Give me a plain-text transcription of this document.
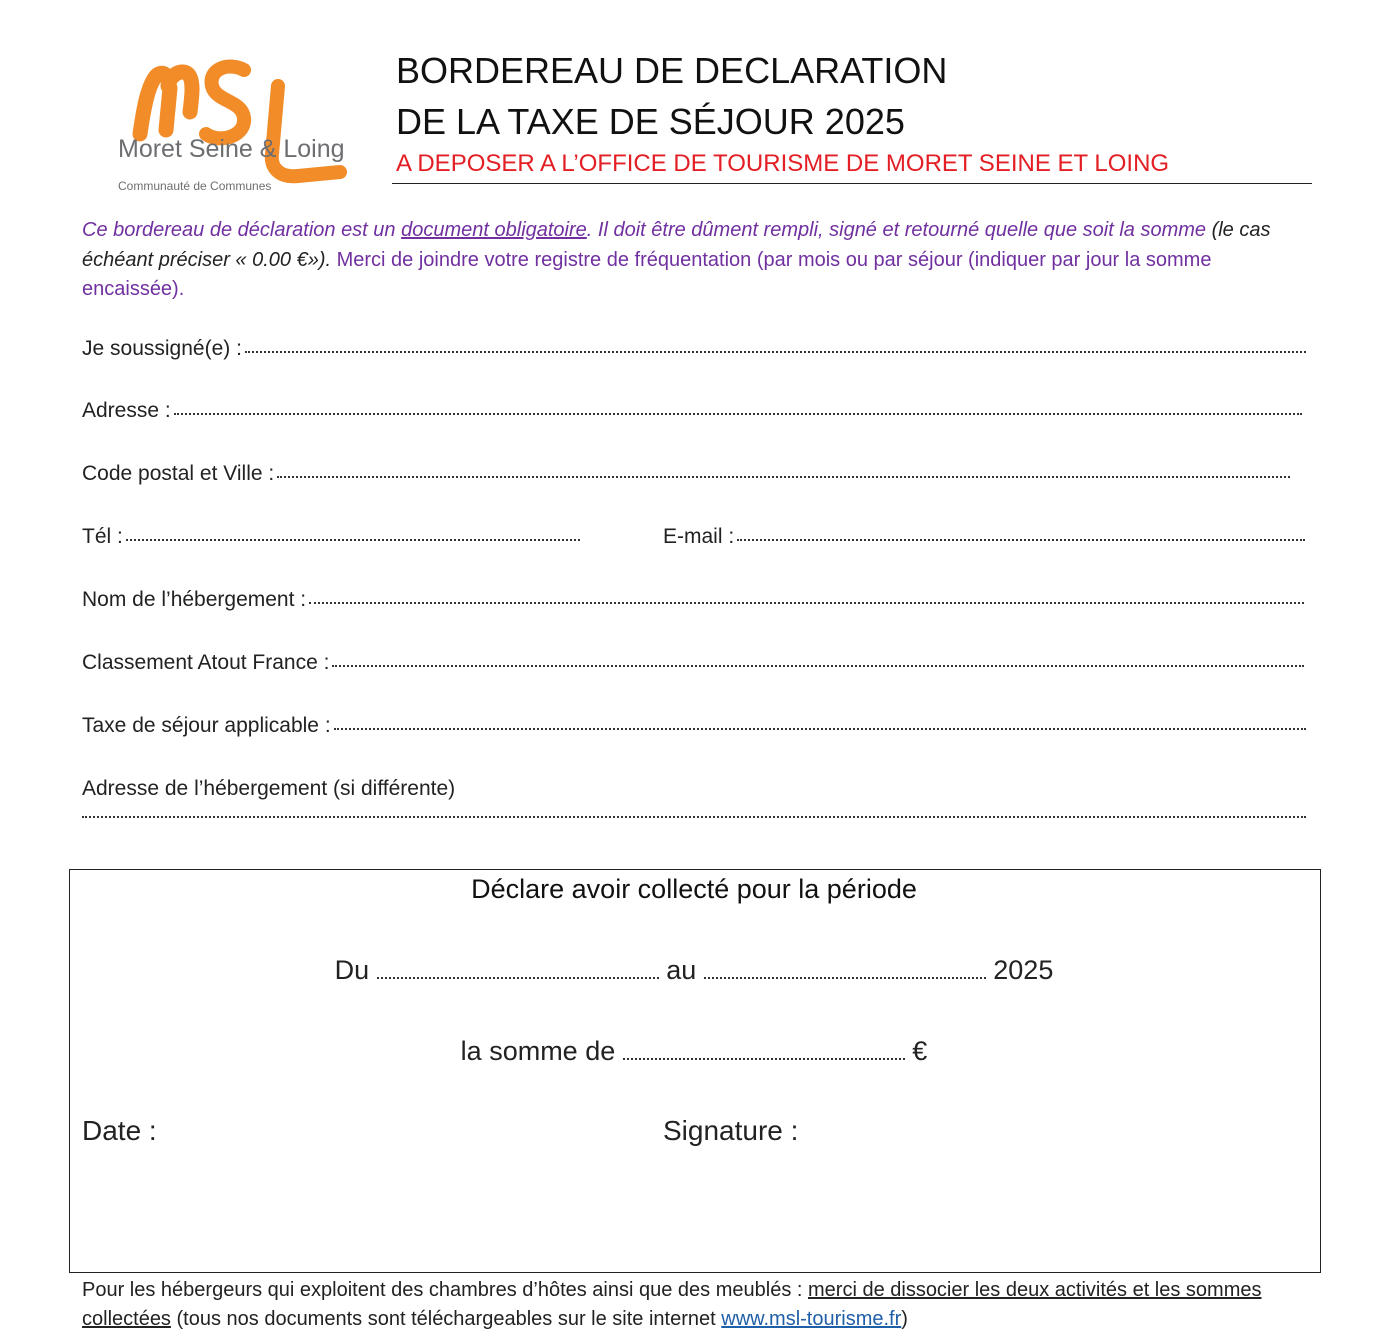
Moret Seine & Loing
Communauté de Communes
BORDEREAU DE DECLARATION
DE LA TAXE DE SÉJOUR 2025
A DEPOSER A L’OFFICE DE TOURISME DE MORET SEINE ET LOING

Ce bordereau de déclaration est un document obligatoire. Il doit être dûment rempli, signé et retourné quelle que soit la somme (le cas échéant préciser « 0.00 €»). Merci de joindre votre registre de fréquentation (par mois ou par séjour (indiquer par jour la somme encaissée).

Je soussigné(e) :
Adresse :
Code postal et Ville :
Tél :	E-mail :
Nom de l’hébergement :
Classement Atout France :
Taxe de séjour applicable :
Adresse de l’hébergement (si différente)
Déclare avoir collecté pour la période
Du	au	2025
la somme de	€
Date :	Signature :

Pour les hébergeurs qui exploitent des chambres d’hôtes ainsi que des meublés : merci de dissocier les deux activités et les sommes collectées (tous nos documents sont téléchargeables sur le site internet www.msl-tourisme.fr)
